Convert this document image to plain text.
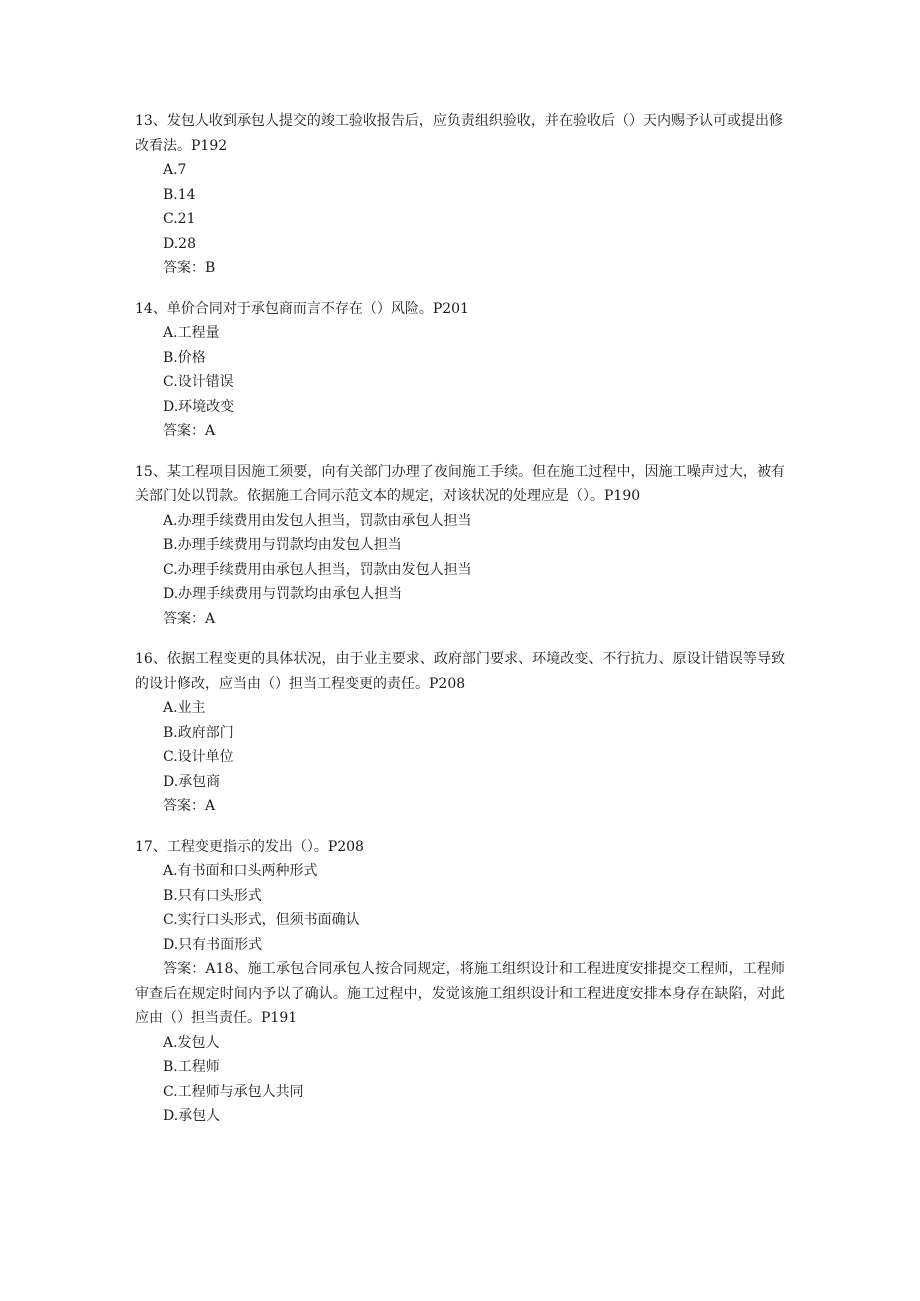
13、发包人收到承包人提交的竣工验收报告后，应负责组织验收，并在验收后（）天内赐予认可或提出修改看法。P192

A.7

B.14

C.21

D.28

答案：B

14、单价合同对于承包商而言不存在（）风险。P201

A.工程量

B.价格

C.设计错误

D.环境改变

答案：A

15、某工程项目因施工须要，向有关部门办理了夜间施工手续。但在施工过程中，因施工噪声过大，被有关部门处以罚款。依据施工合同示范文本的规定，对该状况的处理应是（）。P190

A.办理手续费用由发包人担当，罚款由承包人担当

B.办理手续费用与罚款均由发包人担当

C.办理手续费用由承包人担当，罚款由发包人担当

D.办理手续费用与罚款均由承包人担当

答案：A

16、依据工程变更的具体状况，由于业主要求、政府部门要求、环境改变、不行抗力、原设计错误等导致的设计修改，应当由（）担当工程变更的责任。P208

A.业主

B.政府部门

C.设计单位

D.承包商

答案：A

17、工程变更指示的发出（）。P208

A.有书面和口头两种形式

B.只有口头形式

C.实行口头形式，但须书面确认

D.只有书面形式

答案：A18、施工承包合同承包人按合同规定，将施工组织设计和工程进度安排提交工程师，工程师审查后在规定时间内予以了确认。施工过程中，发觉该施工组织设计和工程进度安排本身存在缺陷，对此应由（）担当责任。P191

A.发包人

B.工程师

C.工程师与承包人共同

D.承包人
